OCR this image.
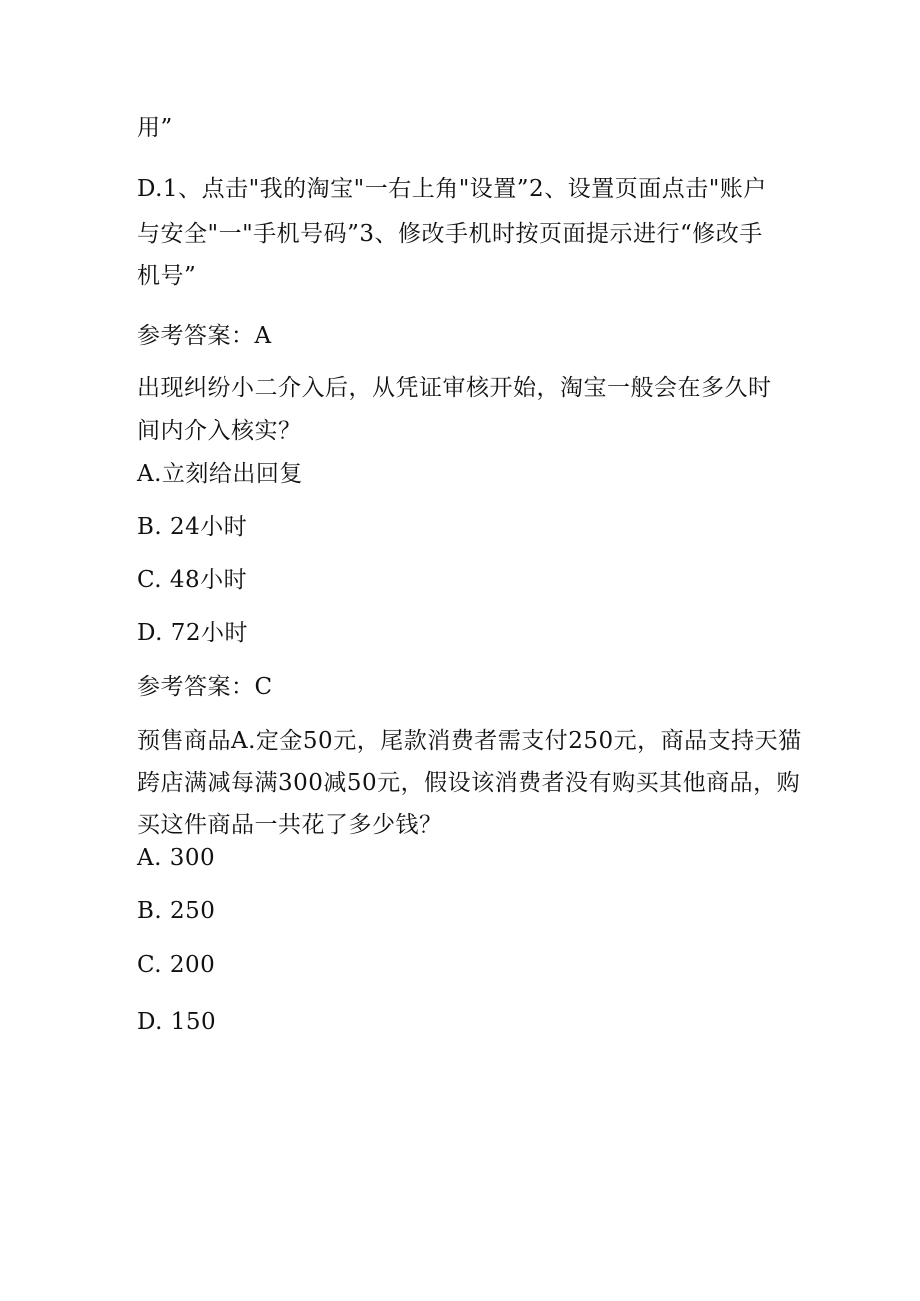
用”
D.1、点击"我的淘宝"一右上角"设置”2、设置页面点击"账户
与安全"一"手机号码”3、修改手机时按页面提示进行“修改手
机号”
参考答案：A
出现纠纷小二介入后，从凭证审核开始，淘宝一般会在多久时
间内介入核实？
A.立刻给出回复
B. 24小时
C. 48小时
D. 72小时
参考答案：C
预售商品A.定金50元，尾款消费者需支付250元，商品支持天猫
跨店满减每满300减50元，假设该消费者没有购买其他商品，购
买这件商品一共花了多少钱？
A. 300
B. 250
C. 200
D. 150
